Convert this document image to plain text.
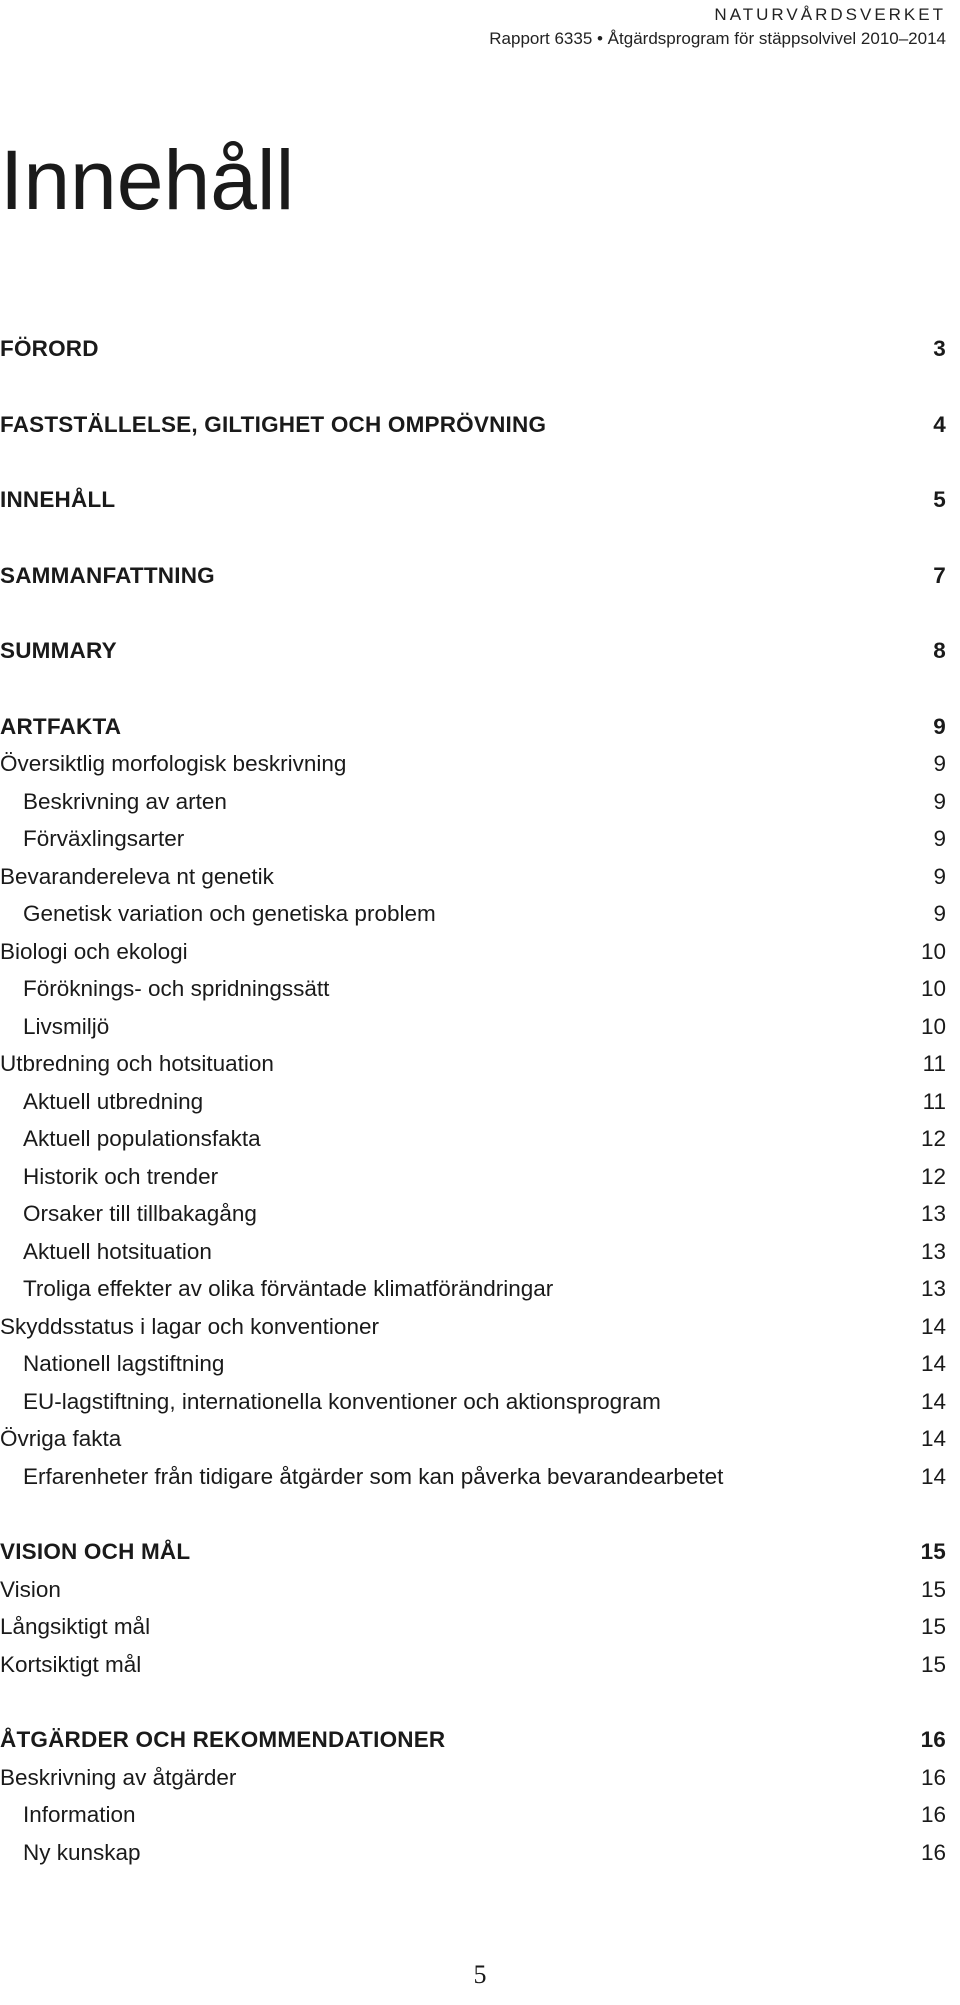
NATURVÅRDSVERKET
Rapport 6335 • Åtgärdsprogram för stäppsolvivel 2010–2014
Innehåll
FÖRORD	3
FASTSTÄLLELSE, GILTIGHET OCH OMPRÖVNING	4
INNEHÅLL	5
SAMMANFATTNING	7
SUMMARY	8
ARTFAKTA	9
Översiktlig morfologisk beskrivning	9
Beskrivning av arten	9
Förväxlingsarter	9
Bevarandereleva nt genetik	9
Genetisk variation och genetiska problem	9
Biologi och ekologi	10
Föröknings- och spridningssätt	10
Livsmiljö	10
Utbredning och hotsituation	11
Aktuell utbredning	11
Aktuell populationsfakta	12
Historik och trender	12
Orsaker till tillbakagång	13
Aktuell hotsituation	13
Troliga effekter av olika förväntade klimatförändringar	13
Skyddsstatus i lagar och konventioner	14
Nationell lagstiftning	14
EU-lagstiftning, internationella konventioner och aktionsprogram	14
Övriga fakta	14
Erfarenheter från tidigare åtgärder som kan påverka bevarandearbetet	14
VISION OCH MÅL	15
Vision	15
Långsiktigt mål	15
Kortsiktigt mål	15
ÅTGÄRDER OCH REKOMMENDATIONER	16
Beskrivning av åtgärder	16
Information	16
Ny kunskap	16
5
